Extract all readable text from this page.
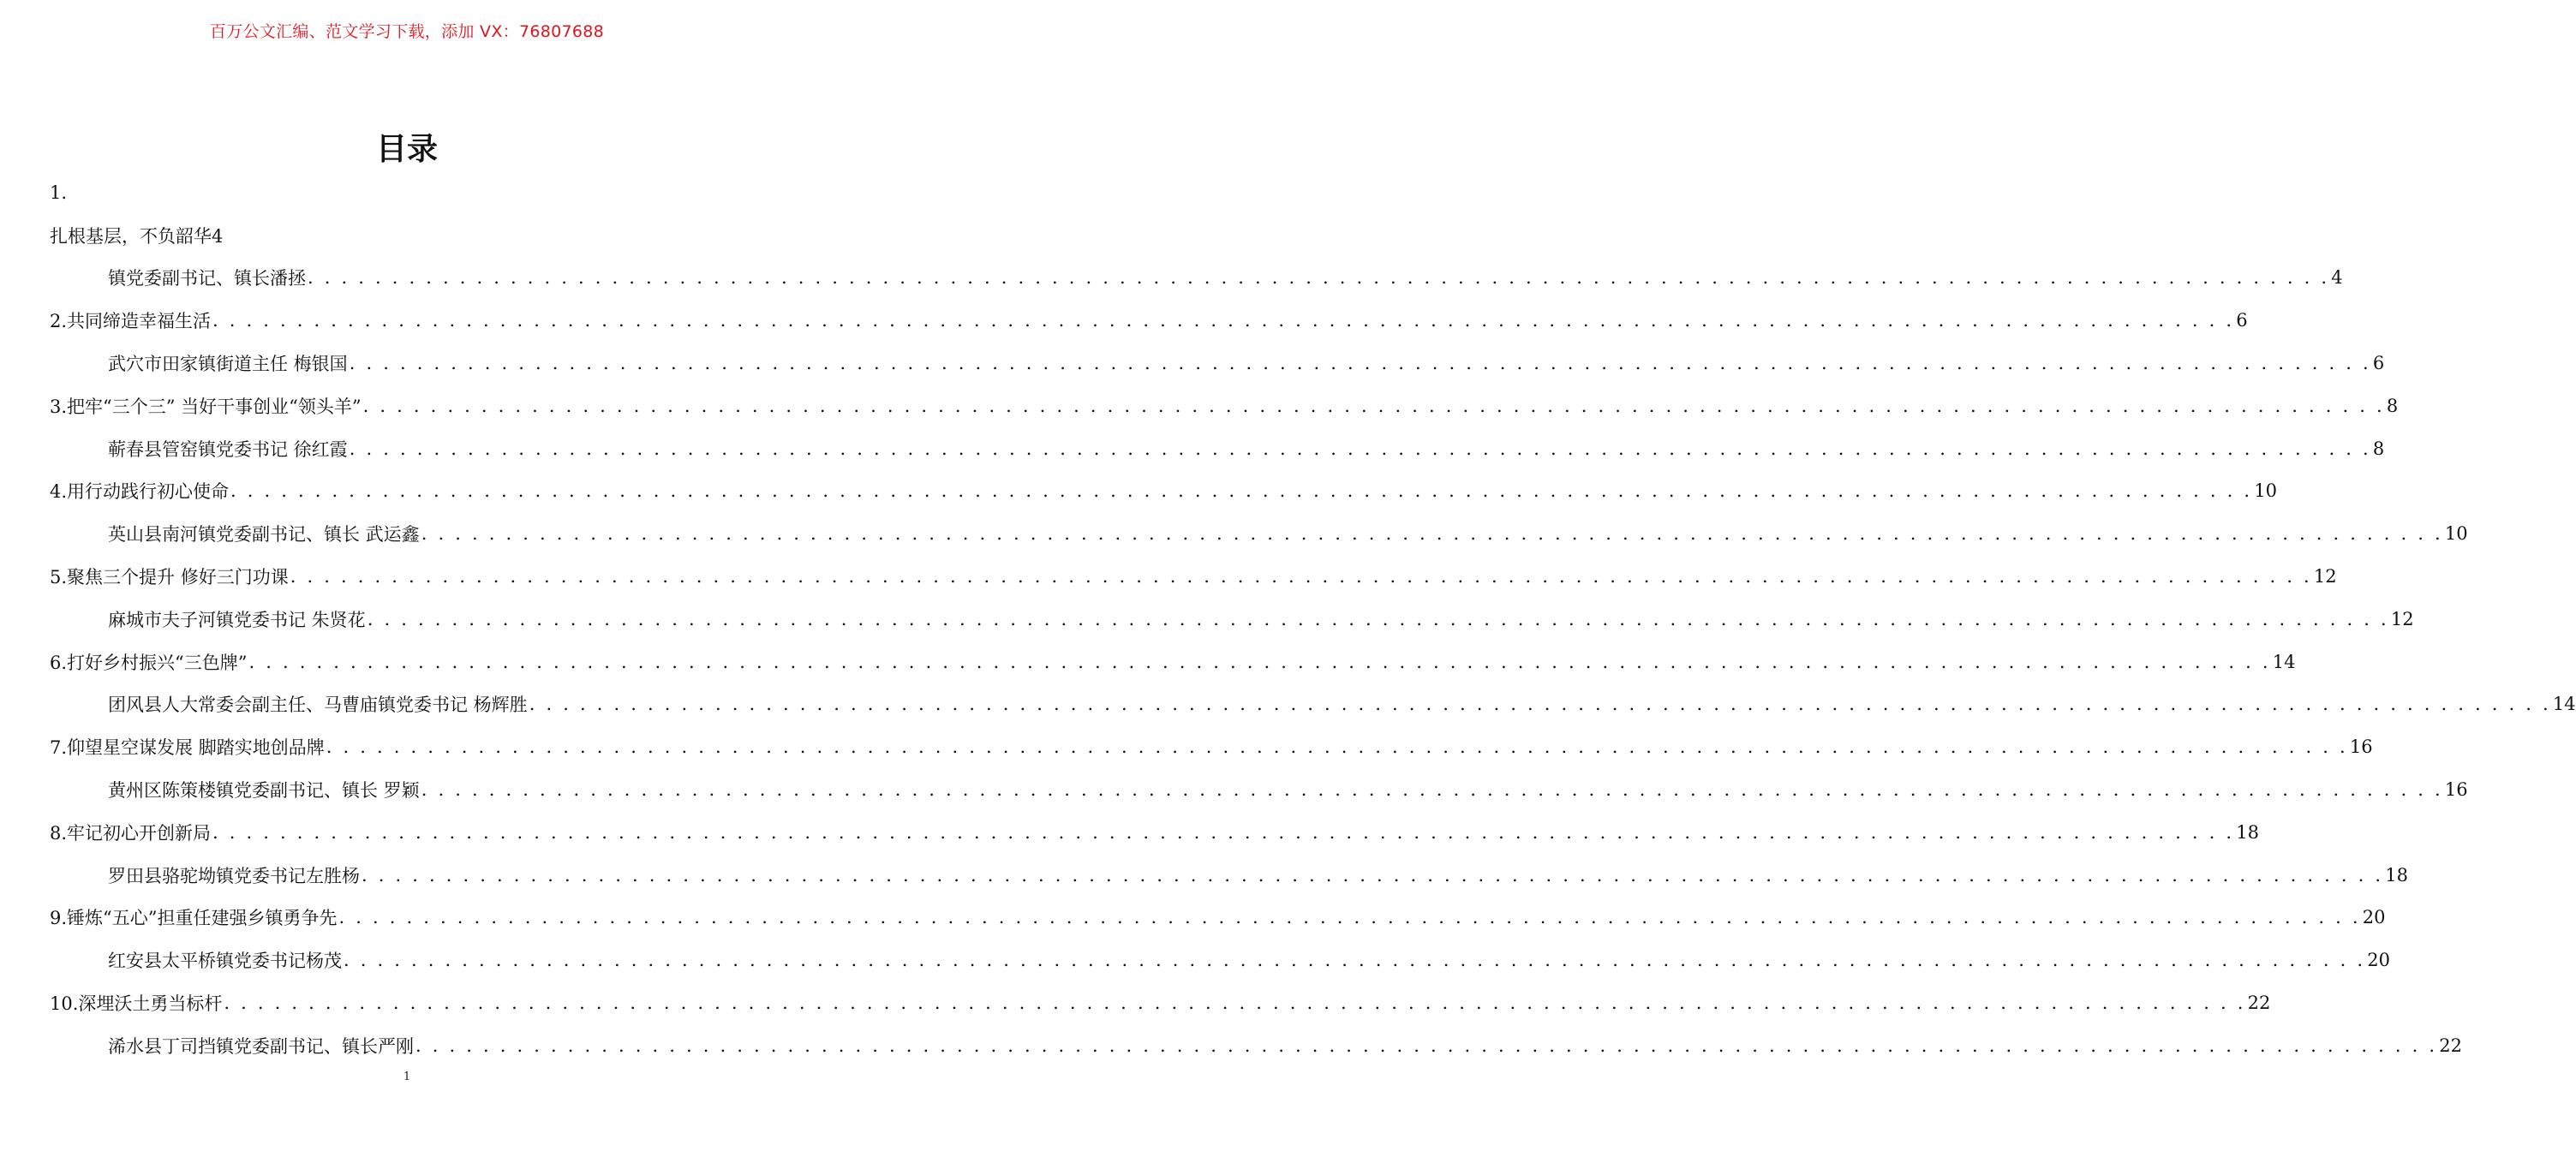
百万公文汇编、范文学习下载，添加 VX：76807688
目录
1.
扎根基层，不负韶华4
镇党委副书记、镇长潘拯 . . . . . . . . . . . . . . . . . . . . . . . . . . . . . . . . . . . . . . . . . . . . . . . . . . . . . . . . . . . . . . . . . . . . . . . . . . . . . . . . . . . . . . . . . . . . . . . . . . . . . . . . . . . . . . . . . . . . . . . . 4
2.共同缔造幸福生活 . . . . . . . . . . . . . . . . . . . . . . . . . . . . . . . . . . . . . . . . . . . . . . . . . . . . . . . . . . . . . . . . . . . . . . . . . . . . . . . . . . . . . . . . . . . . . . . . . . . . . . . . . . . . . . . . . . . . . . . . 6
武穴市田家镇街道主任 梅银国 . . . . . . . . . . . . . . . . . . . . . . . . . . . . . . . . . . . . . . . . . . . . . . . . . . . . . . . . . . . . . . . . . . . . . . . . . . . . . . . . . . . . . . . . . . . . . . . . . . . . . . . . . . . . . . . . . . . . . . . . 6
3.把牢“三个三” 当好干事创业“领头羊” . . . . . . . . . . . . . . . . . . . . . . . . . . . . . . . . . . . . . . . . . . . . . . . . . . . . . . . . . . . . . . . . . . . . . . . . . . . . . . . . . . . . . . . . . . . . . . . . . . . . . . . . . . . . . . . . . . . . . . . . 8
蕲春县管窑镇党委书记 徐红霞 . . . . . . . . . . . . . . . . . . . . . . . . . . . . . . . . . . . . . . . . . . . . . . . . . . . . . . . . . . . . . . . . . . . . . . . . . . . . . . . . . . . . . . . . . . . . . . . . . . . . . . . . . . . . . . . . . . . . . . . . 8
4.用行动践行初心使命 . . . . . . . . . . . . . . . . . . . . . . . . . . . . . . . . . . . . . . . . . . . . . . . . . . . . . . . . . . . . . . . . . . . . . . . . . . . . . . . . . . . . . . . . . . . . . . . . . . . . . . . . . . . . . . . . . . . . . . . . 10
英山县南河镇党委副书记、镇长 武运鑫 . . . . . . . . . . . . . . . . . . . . . . . . . . . . . . . . . . . . . . . . . . . . . . . . . . . . . . . . . . . . . . . . . . . . . . . . . . . . . . . . . . . . . . . . . . . . . . . . . . . . . . . . . . . . . . . . . . . . . . . . 10
5.聚焦三个提升 修好三门功课 . . . . . . . . . . . . . . . . . . . . . . . . . . . . . . . . . . . . . . . . . . . . . . . . . . . . . . . . . . . . . . . . . . . . . . . . . . . . . . . . . . . . . . . . . . . . . . . . . . . . . . . . . . . . . . . . . . . . . . . . 12
麻城市夫子河镇党委书记 朱贤花 . . . . . . . . . . . . . . . . . . . . . . . . . . . . . . . . . . . . . . . . . . . . . . . . . . . . . . . . . . . . . . . . . . . . . . . . . . . . . . . . . . . . . . . . . . . . . . . . . . . . . . . . . . . . . . . . . . . . . . . . 12
6.打好乡村振兴“三色牌” . . . . . . . . . . . . . . . . . . . . . . . . . . . . . . . . . . . . . . . . . . . . . . . . . . . . . . . . . . . . . . . . . . . . . . . . . . . . . . . . . . . . . . . . . . . . . . . . . . . . . . . . . . . . . . . . . . . . . . . . 14
团风县人大常委会副主任、马曹庙镇党委书记 杨辉胜 . . . . . . . . . . . . . . . . . . . . . . . . . . . . . . . . . . . . . . . . . . . . . . . . . . . . . . . . . . . . . . . . . . . . . . . . . . . . . . . . . . . . . . . . . . . . . . . . . . . . . . . . . . . . . . . . . . . . . . . . 14
7.仰望星空谋发展 脚踏实地创品牌 . . . . . . . . . . . . . . . . . . . . . . . . . . . . . . . . . . . . . . . . . . . . . . . . . . . . . . . . . . . . . . . . . . . . . . . . . . . . . . . . . . . . . . . . . . . . . . . . . . . . . . . . . . . . . . . . . . . . . . . . 16
黄州区陈策楼镇党委副书记、镇长 罗颖 . . . . . . . . . . . . . . . . . . . . . . . . . . . . . . . . . . . . . . . . . . . . . . . . . . . . . . . . . . . . . . . . . . . . . . . . . . . . . . . . . . . . . . . . . . . . . . . . . . . . . . . . . . . . . . . . . . . . . . . . 16
8.牢记初心开创新局 . . . . . . . . . . . . . . . . . . . . . . . . . . . . . . . . . . . . . . . . . . . . . . . . . . . . . . . . . . . . . . . . . . . . . . . . . . . . . . . . . . . . . . . . . . . . . . . . . . . . . . . . . . . . . . . . . . . . . . . . 18
罗田县骆驼坳镇党委书记左胜杨 . . . . . . . . . . . . . . . . . . . . . . . . . . . . . . . . . . . . . . . . . . . . . . . . . . . . . . . . . . . . . . . . . . . . . . . . . . . . . . . . . . . . . . . . . . . . . . . . . . . . . . . . . . . . . . . . . . . . . . . . 18
9.锤炼“五心”担重任建强乡镇勇争先 . . . . . . . . . . . . . . . . . . . . . . . . . . . . . . . . . . . . . . . . . . . . . . . . . . . . . . . . . . . . . . . . . . . . . . . . . . . . . . . . . . . . . . . . . . . . . . . . . . . . . . . . . . . . . . . . . . . . . . . . 20
红安县太平桥镇党委书记杨茂 . . . . . . . . . . . . . . . . . . . . . . . . . . . . . . . . . . . . . . . . . . . . . . . . . . . . . . . . . . . . . . . . . . . . . . . . . . . . . . . . . . . . . . . . . . . . . . . . . . . . . . . . . . . . . . . . . . . . . . . . 20
10.深埋沃土勇当标杆 . . . . . . . . . . . . . . . . . . . . . . . . . . . . . . . . . . . . . . . . . . . . . . . . . . . . . . . . . . . . . . . . . . . . . . . . . . . . . . . . . . . . . . . . . . . . . . . . . . . . . . . . . . . . . . . . . . . . . . . . 22
浠水县丁司挡镇党委副书记、镇长严刚 . . . . . . . . . . . . . . . . . . . . . . . . . . . . . . . . . . . . . . . . . . . . . . . . . . . . . . . . . . . . . . . . . . . . . . . . . . . . . . . . . . . . . . . . . . . . . . . . . . . . . . . . . . . . . . . . . . . . . . . . 22
1
